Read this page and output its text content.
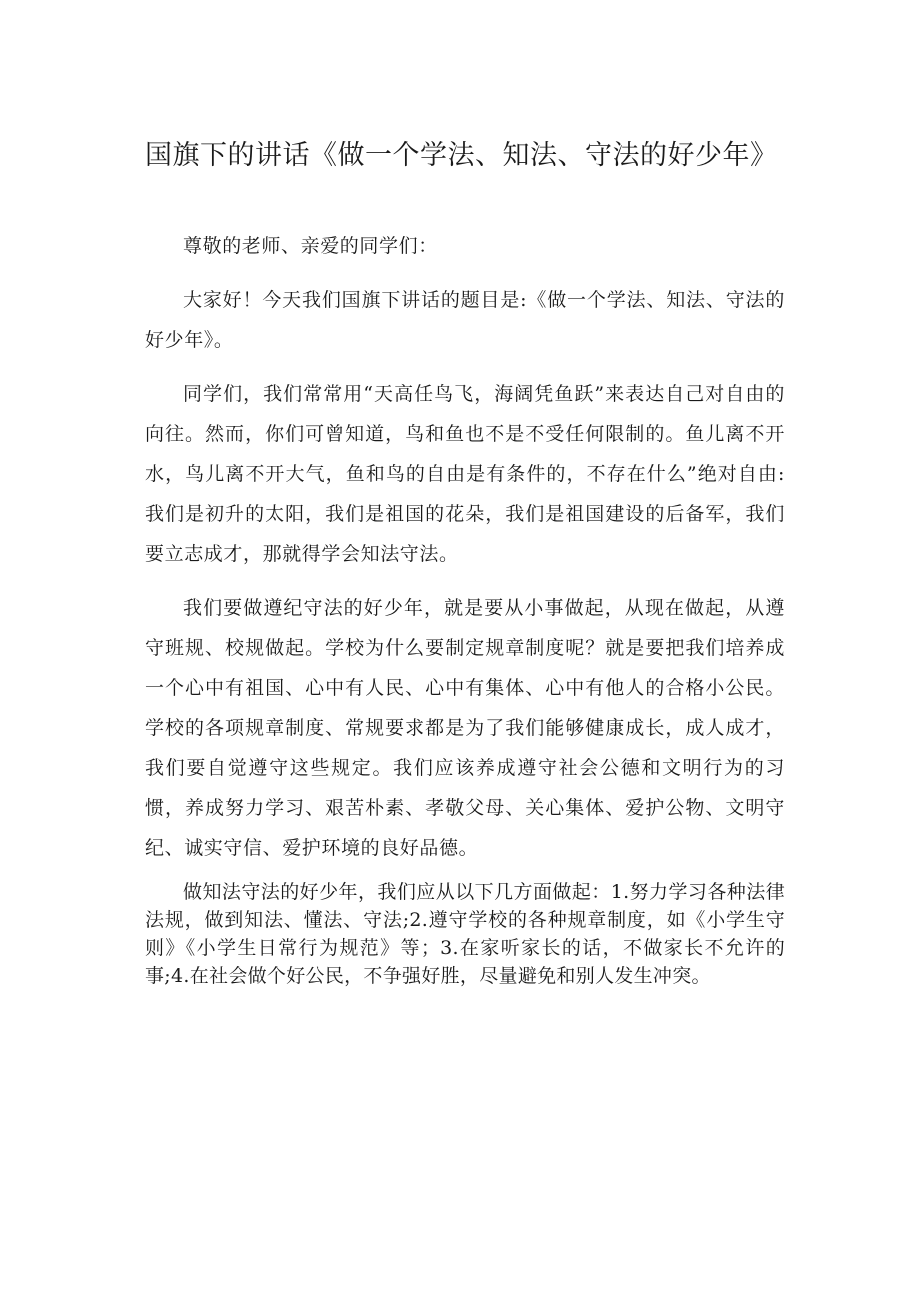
国旗下的讲话《做一个学法、知法、守法的好少年》

尊敬的老师、亲爱的同学们：

大家好！今天我们国旗下讲话的题目是:《做一个学法、知法、守法的好少年》。

同学们，我们常常用“天高任鸟飞，海阔凭鱼跃”来表达自己对自由的向往。然而，你们可曾知道，鸟和鱼也不是不受任何限制的。鱼儿离不开水，鸟儿离不开大气，鱼和鸟的自由是有条件的，不存在什么”绝对自由:我们是初升的太阳，我们是祖国的花朵，我们是祖国建设的后备军，我们要立志成才，那就得学会知法守法。

我们要做遵纪守法的好少年，就是要从小事做起，从现在做起，从遵守班规、校规做起。学校为什么要制定规章制度呢？就是要把我们培养成一个心中有祖国、心中有人民、心中有集体、心中有他人的合格小公民。学校的各项规章制度、常规要求都是为了我们能够健康成长，成人成才，我们要自觉遵守这些规定。我们应该养成遵守社会公德和文明行为的习惯，养成努力学习、艰苦朴素、孝敬父母、关心集体、爱护公物、文明守纪、诚实守信、爱护环境的良好品德。

做知法守法的好少年，我们应从以下几方面做起：1.努力学习各种法律法规，做到知法、懂法、守法;2.遵守学校的各种规章制度，如《小学生守则》《小学生日常行为规范》等；3.在家听家长的话，不做家长不允许的事;4.在社会做个好公民，不争强好胜，尽量避免和别人发生冲突。
